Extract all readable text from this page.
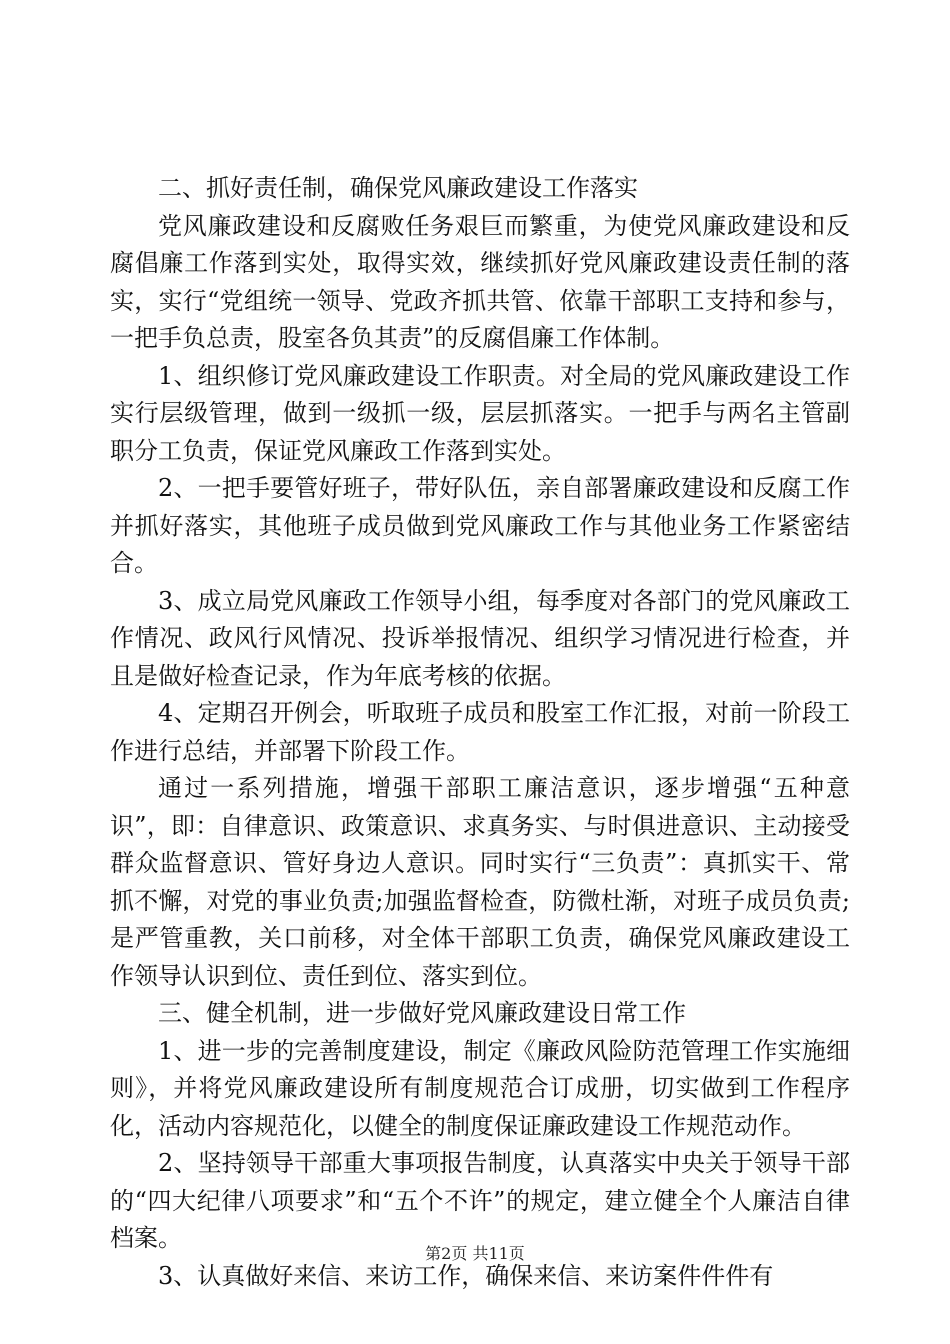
二、抓好责任制，确保党风廉政建设工作落实

党风廉政建设和反腐败任务艰巨而繁重，为使党风廉政建设和反腐倡廉工作落到实处，取得实效，继续抓好党风廉政建设责任制的落实，实行“党组统一领导、党政齐抓共管、依靠干部职工支持和参与，一把手负总责，股室各负其责”的反腐倡廉工作体制。

1、组织修订党风廉政建设工作职责。对全局的党风廉政建设工作实行层级管理，做到一级抓一级，层层抓落实。一把手与两名主管副职分工负责，保证党风廉政工作落到实处。

2、一把手要管好班子，带好队伍，亲自部署廉政建设和反腐工作并抓好落实，其他班子成员做到党风廉政工作与其他业务工作紧密结合。

3、成立局党风廉政工作领导小组，每季度对各部门的党风廉政工作情况、政风行风情况、投诉举报情况、组织学习情况进行检查，并且是做好检查记录，作为年底考核的依据。

4、定期召开例会，听取班子成员和股室工作汇报，对前一阶段工作进行总结，并部署下阶段工作。

通过一系列措施，增强干部职工廉洁意识，逐步增强“五种意识”，即：自律意识、政策意识、求真务实、与时俱进意识、主动接受群众监督意识、管好身边人意识。同时实行“三负责”：真抓实干、常抓不懈，对党的事业负责;加强监督检查，防微杜渐，对班子成员负责;是严管重教，关口前移，对全体干部职工负责，确保党风廉政建设工作领导认识到位、责任到位、落实到位。

三、健全机制，进一步做好党风廉政建设日常工作

1、进一步的完善制度建设，制定《廉政风险防范管理工作实施细则》，并将党风廉政建设所有制度规范合订成册，切实做到工作程序化，活动内容规范化，以健全的制度保证廉政建设工作规范动作。

2、坚持领导干部重大事项报告制度，认真落实中央关于领导干部的“四大纪律八项要求”和“五个不许”的规定，建立健全个人廉洁自律档案。

3、认真做好来信、来访工作，确保来信、来访案件件件有

第2页 共11页
